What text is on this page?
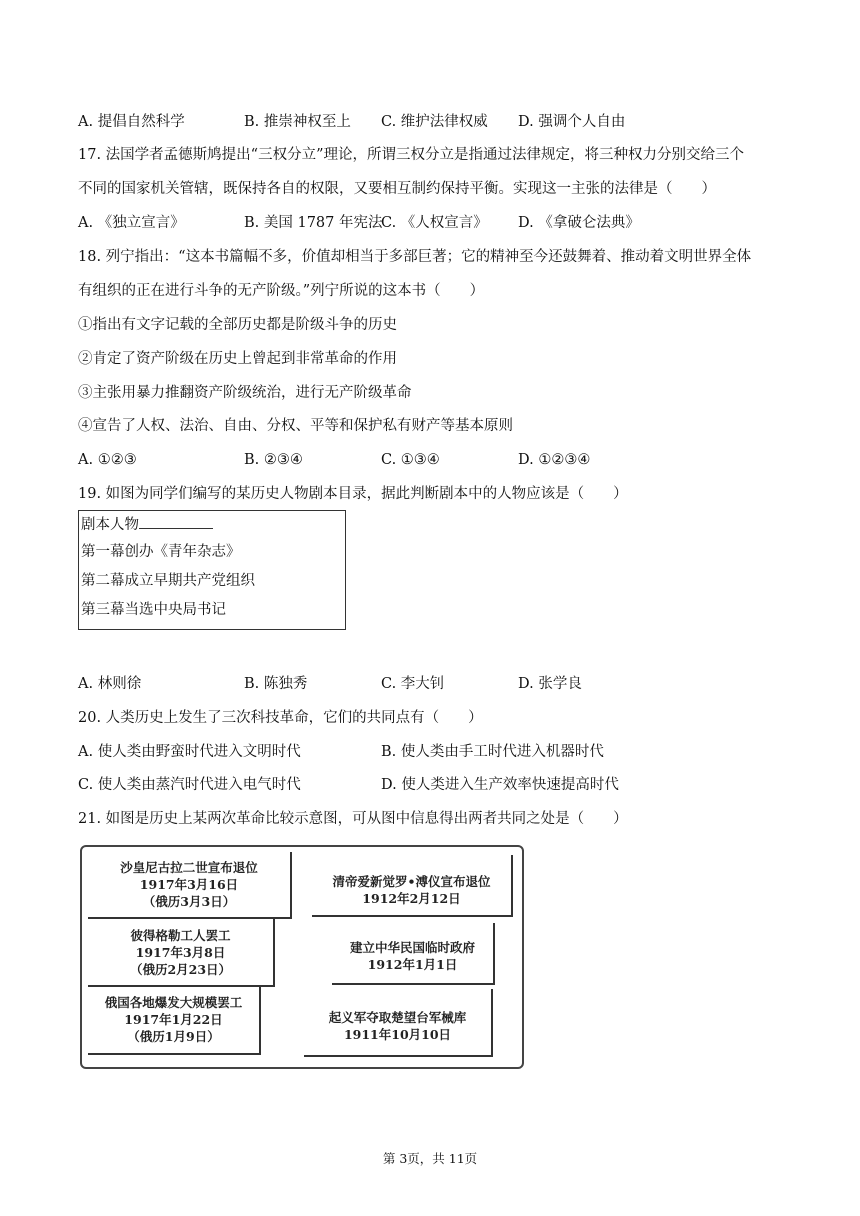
A. 提倡自然科学	B. 推崇神权至上 C. 维护法律权威 D. 强调个人自由
17. 法国学者孟德斯鸠提出“三权分立”理论，所谓三权分立是指通过法律规定，将三种权力分别交给三个
不同的国家机关管辖，既保持各自的权限，又要相互制约保持平衡。实现这一主张的法律是（　　）
A. 《独立宣言》	B. 美国 1787 年宪法
C. 《人权宣言》 D. 《拿破仑法典》
18. 列宁指出：“这本书篇幅不多，价值却相当于多部巨著；它的精神至今还鼓舞着、推动着文明世界全体
有组织的正在进行斗争的无产阶级。”列宁所说的这本书（　　）
①指出有文字记载的全部历史都是阶级斗争的历史
②肯定了资产阶级在历史上曾起到非常革命的作用
③主张用暴力推翻资产阶级统治，进行无产阶级革命
④宣告了人权、法治、自由、分权、平等和保护私有财产等基本原则
A. ①②③	B. ②③④	C. ①③④	D. ①②③④
19. 如图为同学们编写的某历史人物剧本目录，据此判断剧本中的人物应该是（　　）
剧本人物
第一幕创办《青年杂志》
第二幕成立早期共产党组织
第三幕当选中央局书记
A. 林则徐	B. 陈独秀	C. 李大钊	D. 张学良
20. 人类历史上发生了三次科技革命，它们的共同点有（　　）
A. 使人类由野蛮时代进入文明时代	B. 使人类由手工时代进入机器时代
C. 使人类由蒸汽时代进入电气时代	D. 使人类进入生产效率快速提高时代
21. 如图是历史上某两次革命比较示意图，可从图中信息得出两者共同之处是（　　）
沙皇尼古拉二世宣布退位
1917年3月16日
（俄历3月3日）
彼得格勒工人罢工
1917年3月8日
（俄历2月23日）
俄国各地爆发大规模罢工
1917年1月22日
（俄历1月9日）
清帝爱新觉罗•溥仪宣布退位
1912年2月12日
建立中华民国临时政府
1912年1月1日
起义军夺取楚望台军械库
1911年10月10日
第 3页，共 11页
